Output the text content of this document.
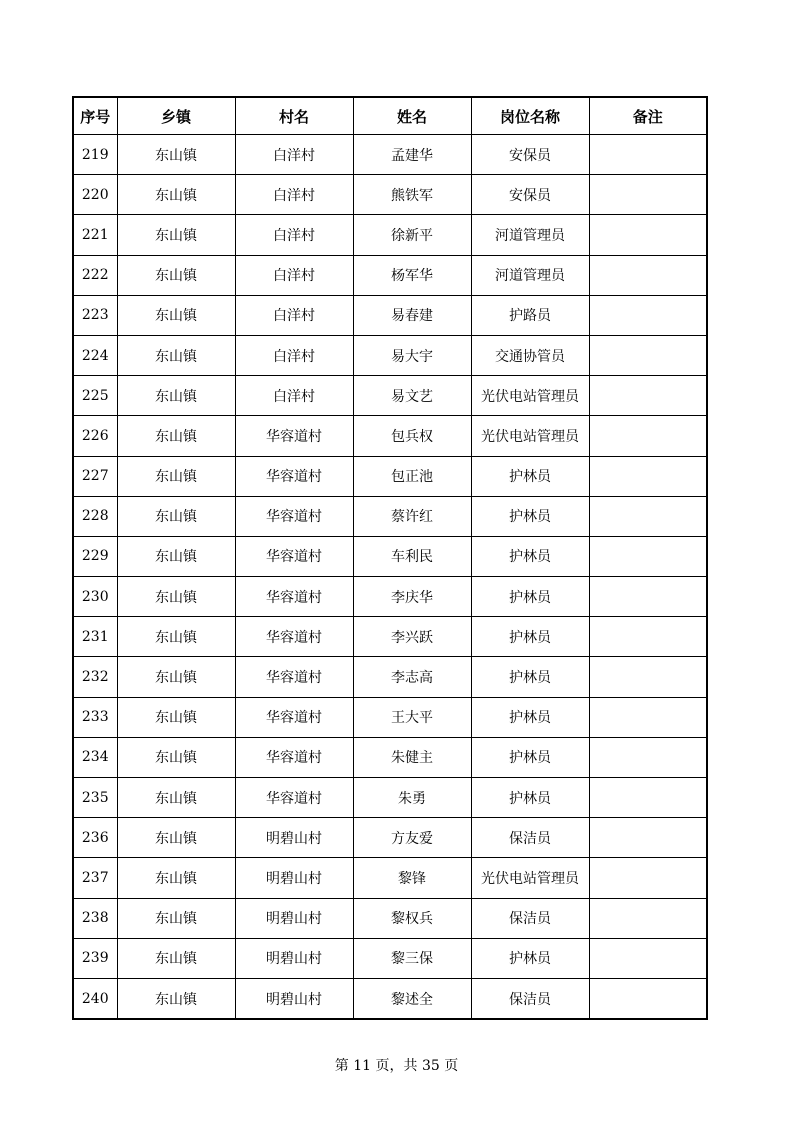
序号	乡镇	村名	姓名	岗位名称	备注
219	东山镇	白洋村	孟建华	安保员	
220	东山镇	白洋村	熊铁军	安保员	
221	东山镇	白洋村	徐新平	河道管理员	
222	东山镇	白洋村	杨军华	河道管理员	
223	东山镇	白洋村	易春建	护路员	
224	东山镇	白洋村	易大宇	交通协管员	
225	东山镇	白洋村	易文艺	光伏电站管理员	
226	东山镇	华容道村	包兵权	光伏电站管理员	
227	东山镇	华容道村	包正池	护林员	
228	东山镇	华容道村	蔡许红	护林员	
229	东山镇	华容道村	车利民	护林员	
230	东山镇	华容道村	李庆华	护林员	
231	东山镇	华容道村	李兴跃	护林员	
232	东山镇	华容道村	李志高	护林员	
233	东山镇	华容道村	王大平	护林员	
234	东山镇	华容道村	朱健主	护林员	
235	东山镇	华容道村	朱勇	护林员	
236	东山镇	明碧山村	方友爱	保洁员	
237	东山镇	明碧山村	黎锋	光伏电站管理员	
238	东山镇	明碧山村	黎权兵	保洁员	
239	东山镇	明碧山村	黎三保	护林员	
240	东山镇	明碧山村	黎述全	保洁员	
第 11 页，共 35 页
